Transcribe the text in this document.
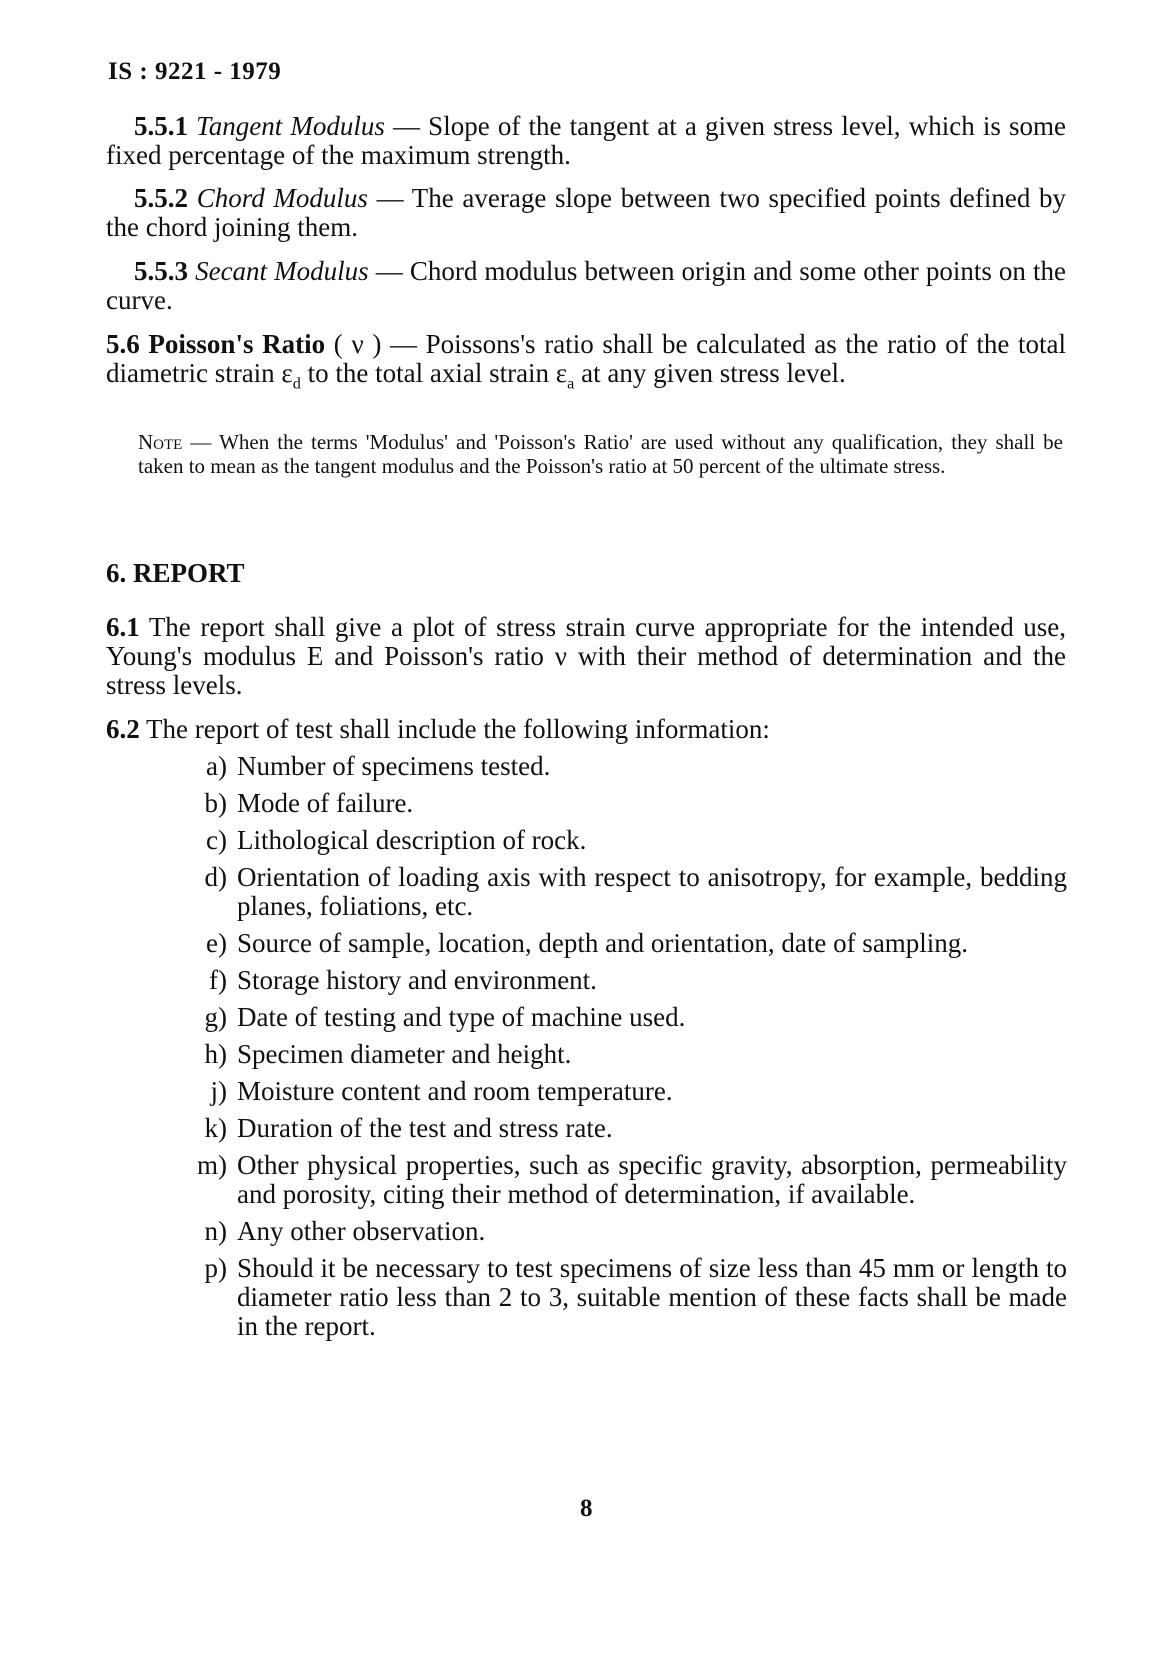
IS : 9221 - 1979
5.5.1 Tangent Modulus — Slope of the tangent at a given stress level, which is some fixed percentage of the maximum strength.
5.5.2 Chord Modulus — The average slope between two specified points defined by the chord joining them.
5.5.3 Secant Modulus — Chord modulus between origin and some other points on the curve.
5.6 Poisson's Ratio ( ν ) — Poissons's ratio shall be calculated as the ratio of the total diametric strain $\varepsilon_d$ to the total axial strain $\varepsilon_a$ at any given stress level.
Note — When the terms 'Modulus' and 'Poisson's Ratio' are used without any qualification, they shall be taken to mean as the tangent modulus and the Poisson's ratio at 50 percent of the ultimate stress.
6. REPORT
6.1 The report shall give a plot of stress strain curve appropriate for the intended use, Young's modulus E and Poisson's ratio ν with their method of determination and the stress levels.
6.2 The report of test shall include the following information:
a) Number of specimens tested.
b) Mode of failure.
c) Lithological description of rock.
d) Orientation of loading axis with respect to anisotropy, for example, bedding planes, foliations, etc.
e) Source of sample, location, depth and orientation, date of sampling.
f) Storage history and environment.
g) Date of testing and type of machine used.
h) Specimen diameter and height.
j) Moisture content and room temperature.
k) Duration of the test and stress rate.
m) Other physical properties, such as specific gravity, absorption, permeability and porosity, citing their method of determination, if available.
n) Any other observation.
p) Should it be necessary to test specimens of size less than 45 mm or length to diameter ratio less than 2 to 3, suitable mention of these facts shall be made in the report.
8
